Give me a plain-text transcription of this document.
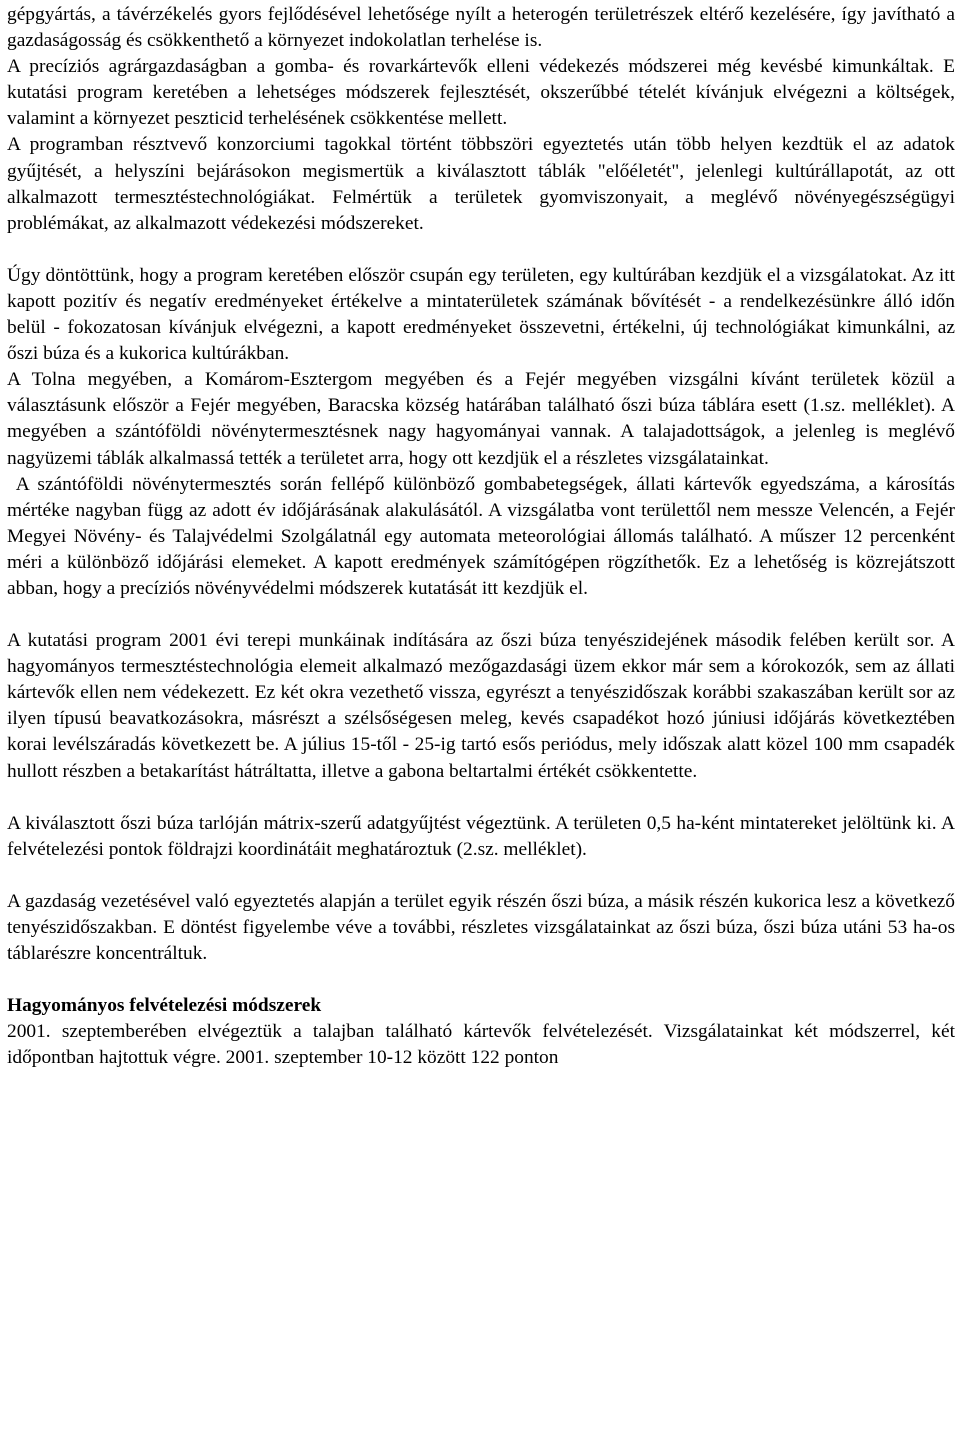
gépgyártás, a távérzékelés gyors fejlődésével lehetősége nyílt a heterogén területrészek eltérő kezelésére, így javítható a gazdaságosság és csökkenthető a környezet indokolatlan terhelése is.

A precíziós agrárgazdaságban a gomba- és rovarkártevők elleni védekezés módszerei még kevésbé kimunkáltak. E kutatási program keretében a lehetséges módszerek fejlesztését, okszerűbbé tételét kívánjuk elvégezni a költségek, valamint a környezet peszticid terhelésének csökkentése mellett.

A programban résztvevő konzorciumi tagokkal történt többszöri egyeztetés után több helyen kezdtük el az adatok gyűjtését, a helyszíni bejárásokon megismertük a kiválasztott táblák "előéletét", jelenlegi kultúrállapotát, az ott alkalmazott termesztéstechnológiákat. Felmértük a területek gyomviszonyait, a meglévő növényegészségügyi problémákat, az alkalmazott védekezési módszereket.

Úgy döntöttünk, hogy a program keretében először csupán egy területen, egy kultúrában kezdjük el a vizsgálatokat. Az itt kapott pozitív és negatív eredményeket értékelve a mintaterületek számának bővítését - a rendelkezésünkre álló időn belül - fokozatosan kívánjuk elvégezni, a kapott eredményeket összevetni, értékelni, új technológiákat kimunkálni, az őszi búza és a kukorica kultúrákban.

A Tolna megyében, a Komárom-Esztergom megyében és a Fejér megyében vizsgálni kívánt területek közül a választásunk először a Fejér megyében, Baracska község határában található őszi búza táblára esett (1.sz. melléklet). A megyében a szántóföldi növénytermesztésnek nagy hagyományai vannak. A talajadottságok, a jelenleg is meglévő nagyüzemi táblák alkalmassá tették a területet arra, hogy ott kezdjük el a részletes vizsgálatainkat.

A szántóföldi növénytermesztés során fellépő különböző gombabetegségek, állati kártevők egyedszáma, a károsítás mértéke nagyban függ az adott év időjárásának alakulásától. A vizsgálatba vont területtől nem messze Velencén, a Fejér Megyei Növény- és Talajvédelmi Szolgálatnál egy automata meteorológiai állomás található. A műszer 12 percenként méri a különböző időjárási elemeket. A kapott eredmények számítógépen rögzíthetők. Ez a lehetőség is közrejátszott abban, hogy a precíziós növényvédelmi módszerek kutatását itt kezdjük el.

A kutatási program 2001 évi terepi munkáinak indítására az őszi búza tenyészidejének második felében került sor. A hagyományos termesztéstechnológia elemeit alkalmazó mezőgazdasági üzem ekkor már sem a kórokozók, sem az állati kártevők ellen nem védekezett. Ez két okra vezethető vissza, egyrészt a tenyészidőszak korábbi szakaszában került sor az ilyen típusú beavatkozásokra, másrészt a szélsőségesen meleg, kevés csapadékot hozó júniusi időjárás következtében korai levélszáradás következett be. A július 15-től - 25-ig tartó esős periódus, mely időszak alatt közel 100 mm csapadék hullott részben a betakarítást hátráltatta, illetve a gabona beltartalmi értékét csökkentette.

A kiválasztott őszi búza tarlóján mátrix-szerű adatgyűjtést végeztünk. A területen 0,5 ha-ként mintatereket jelöltünk ki. A felvételezési pontok földrajzi koordinátáit meghatároztuk (2.sz. melléklet).

A gazdaság vezetésével való egyeztetés alapján a terület egyik részén őszi búza, a másik részén kukorica lesz a következő tenyészidőszakban. E döntést figyelembe véve a további, részletes vizsgálatainkat az őszi búza, őszi búza utáni 53 ha-os táblarészre koncentráltuk.

Hagyományos felvételezési módszerek

2001. szeptemberében elvégeztük a talajban található kártevők felvételezését. Vizsgálatainkat két módszerrel, két időpontban hajtottuk végre. 2001. szeptember 10-12 között 122 ponton
